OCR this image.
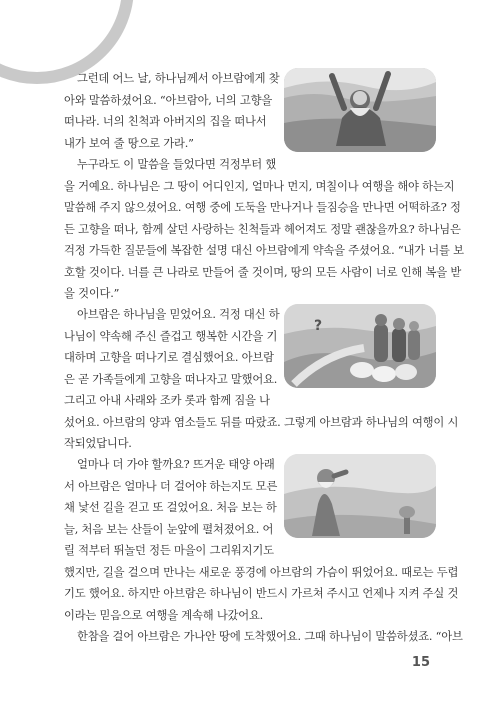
그런데 어느 날, 하나님께서 아브람에게 찾

아와 말씀하셨어요. “아브람아, 너의 고향을

떠나라. 너의 친척과 아버지의 집을 떠나서

내가 보여 줄 땅으로 가라.”

누구라도 이 말씀을 들었다면 걱정부터 했

을 거예요. 하나님은 그 땅이 어디인지, 얼마나 먼지, 며칠이나 여행을 해야 하는지

말씀해 주지 않으셨어요. 여행 중에 도둑을 만나거나 들짐승을 만나면 어떡하죠? 정

든 고향을 떠나, 함께 살던 사랑하는 친척들과 헤어져도 정말 괜찮을까요? 하나님은

걱정 가득한 질문들에 복잡한 설명 대신 아브람에게 약속을 주셨어요. “내가 너를 보

호할 것이다. 너를 큰 나라로 만들어 줄 것이며, 땅의 모든 사람이 너로 인해 복을 받

을 것이다.”

아브람은 하나님을 믿었어요. 걱정 대신 하

나님이 약속해 주신 즐겁고 행복한 시간을 기

대하며 고향을 떠나기로 결심했어요. 아브람

은 곧 가족들에게 고향을 떠나자고 말했어요.

그리고 아내 사래와 조카 롯과 함께 짐을 나

섰어요. 아브람의 양과 염소들도 뒤를 따랐죠. 그렇게 아브람과 하나님의 여행이 시

작되었답니다.

얼마나 더 가야 할까요? 뜨거운 태양 아래

서 아브람은 얼마나 더 걸어야 하는지도 모른

채 낯선 길을 걷고 또 걸었어요. 처음 보는 하

늘, 처음 보는 산들이 눈앞에 펼쳐졌어요. 어

릴 적부터 뛰놀던 정든 마을이 그리워지기도

했지만, 길을 걸으며 만나는 새로운 풍경에 아브람의 가슴이 뛰었어요. 때로는 두렵

기도 했어요. 하지만 아브람은 하나님이 반드시 가르쳐 주시고 언제나 지켜 주실 것

이라는 믿음으로 여행을 계속해 나갔어요.

한참을 걸어 아브람은 가나안 땅에 도착했어요. 그때 하나님이 말씀하셨죠. “아브

?
15
